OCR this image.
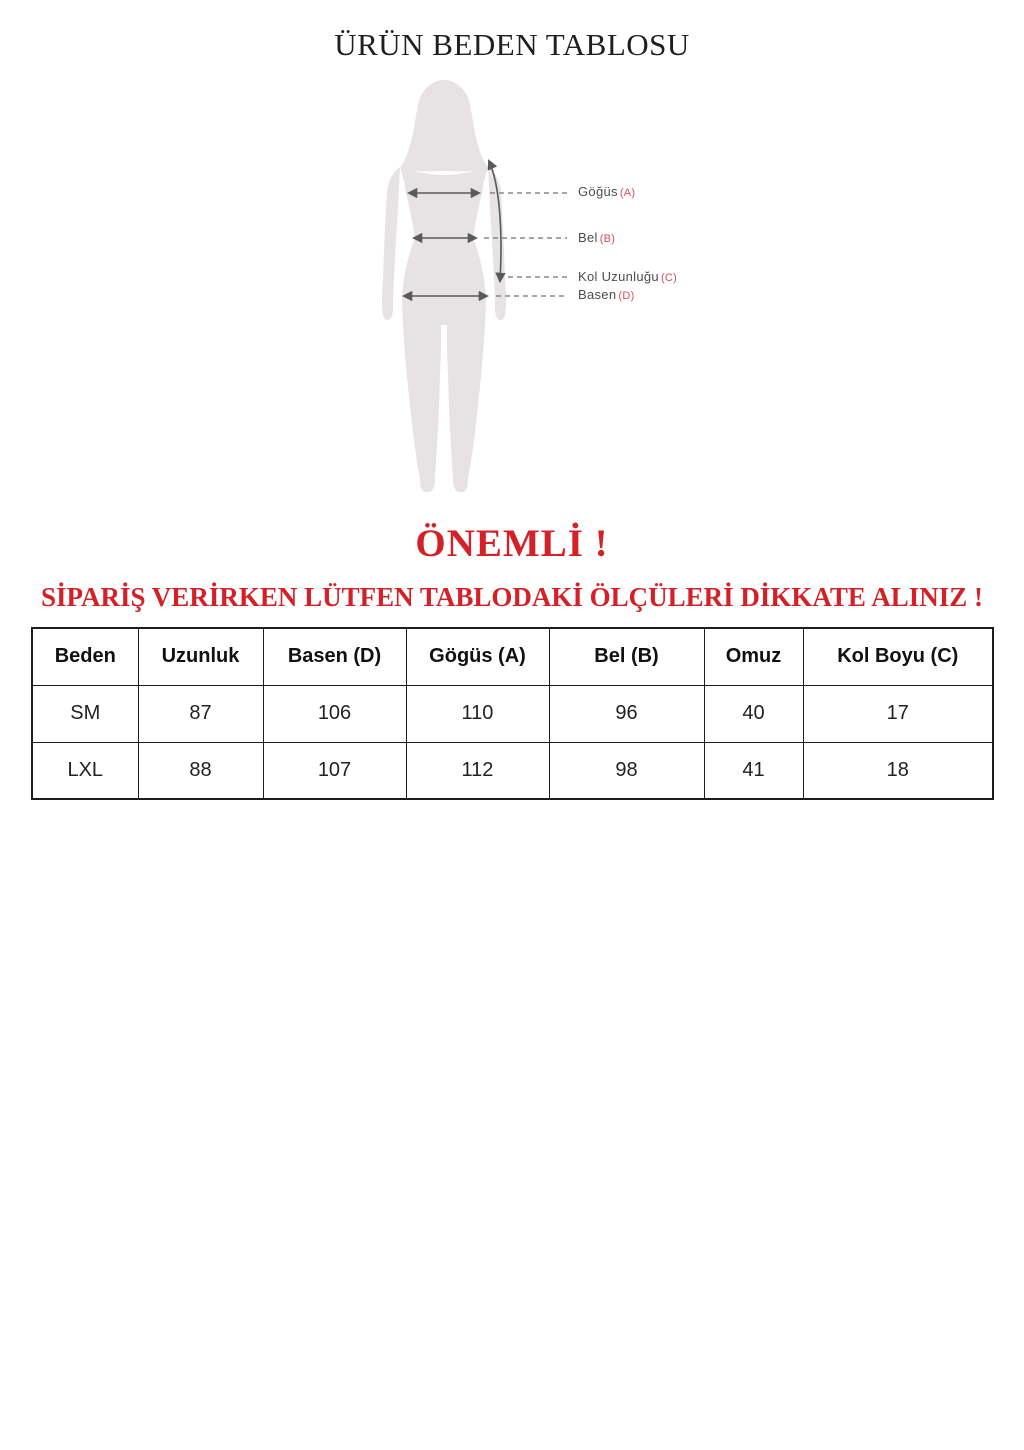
ÜRÜN BEDEN TABLOSU
Göğüs (A)
Bel (B)
Kol Uzunluğu (C)
Basen (D)
ÖNEMLİ !
SİPARİŞ VERİRKEN LÜTFEN TABLODAKİ ÖLÇÜLERİ DİKKATE ALINIZ !
Beden	Uzunluk	Basen (D)	Gögüs (A)	Bel (B)	Omuz	Kol Boyu (C)
SM	87	106	110	96	40	17
LXL	88	107	112	98	41	18
